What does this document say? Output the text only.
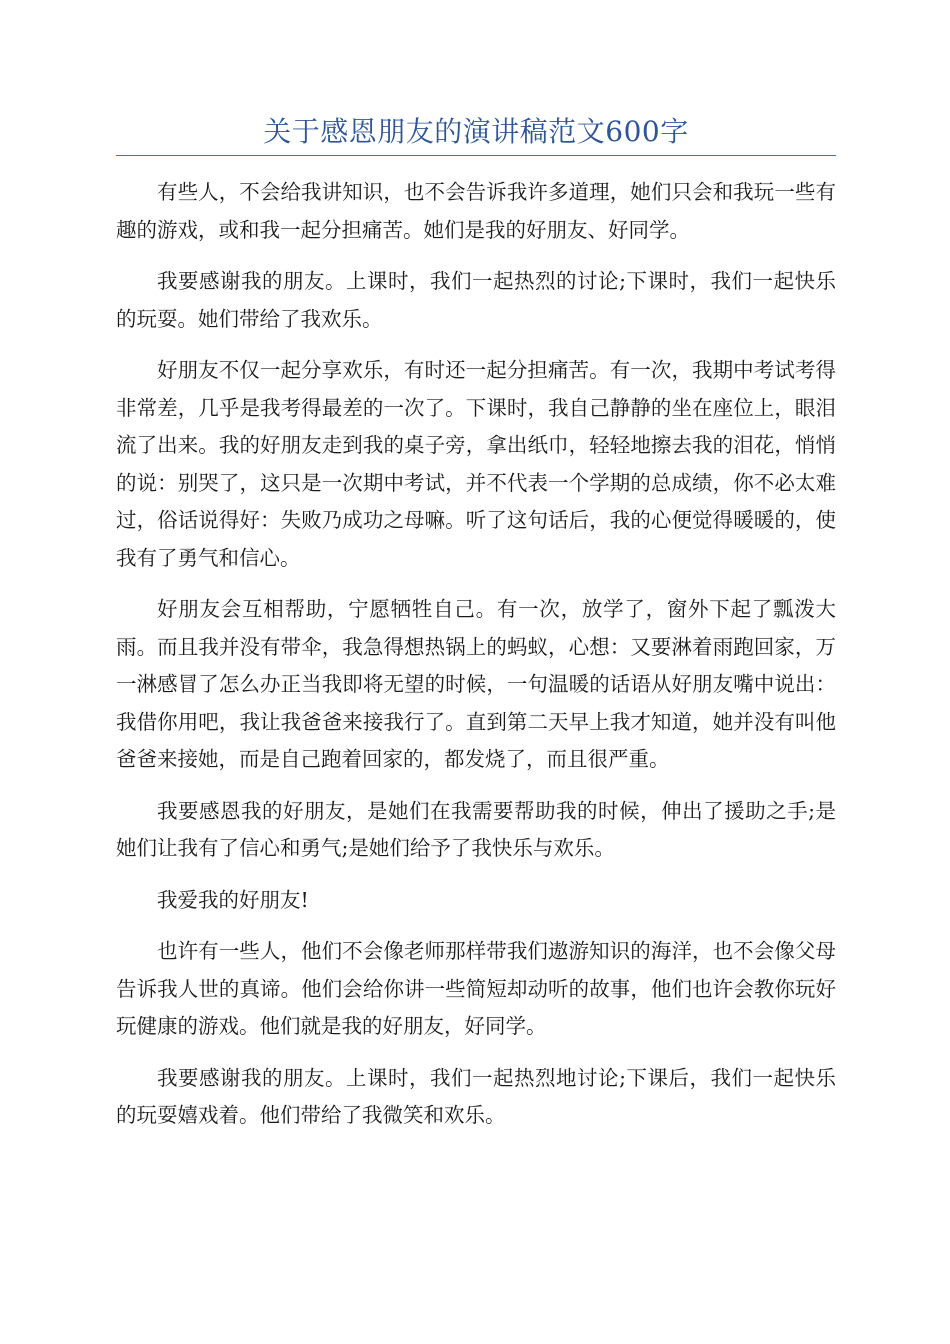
关于感恩朋友的演讲稿范文600字

有些人，不会给我讲知识，也不会告诉我许多道理，她们只会和我玩一些有趣的游戏，或和我一起分担痛苦。她们是我的好朋友、好同学。

我要感谢我的朋友。上课时，我们一起热烈的讨论;下课时，我们一起快乐的玩耍。她们带给了我欢乐。

好朋友不仅一起分享欢乐，有时还一起分担痛苦。有一次，我期中考试考得非常差，几乎是我考得最差的一次了。下课时，我自己静静的坐在座位上，眼泪流了出来。我的好朋友走到我的桌子旁，拿出纸巾，轻轻地擦去我的泪花，悄悄的说：别哭了，这只是一次期中考试，并不代表一个学期的总成绩，你不必太难过，俗话说得好：失败乃成功之母嘛。听了这句话后，我的心便觉得暖暖的，使我有了勇气和信心。

好朋友会互相帮助，宁愿牺牲自己。有一次，放学了，窗外下起了瓢泼大雨。而且我并没有带伞，我急得想热锅上的蚂蚁，心想：又要淋着雨跑回家，万一淋感冒了怎么办正当我即将无望的时候，一句温暖的话语从好朋友嘴中说出：我借你用吧，我让我爸爸来接我行了。直到第二天早上我才知道，她并没有叫他爸爸来接她，而是自己跑着回家的，都发烧了，而且很严重。

我要感恩我的好朋友，是她们在我需要帮助我的时候，伸出了援助之手;是她们让我有了信心和勇气;是她们给予了我快乐与欢乐。

我爱我的好朋友!

也许有一些人，他们不会像老师那样带我们遨游知识的海洋，也不会像父母告诉我人世的真谛。他们会给你讲一些简短却动听的故事，他们也许会教你玩好玩健康的游戏。他们就是我的好朋友，好同学。

我要感谢我的朋友。上课时，我们一起热烈地讨论;下课后，我们一起快乐的玩耍嬉戏着。他们带给了我微笑和欢乐。
